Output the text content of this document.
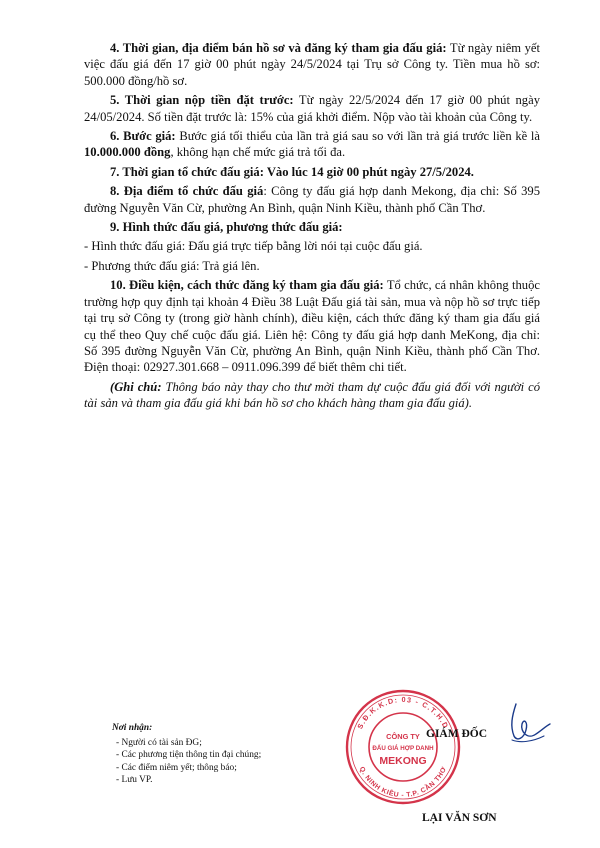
4. Thời gian, địa điểm bán hồ sơ và đăng ký tham gia đấu giá: Từ ngày niêm yết việc đấu giá đến 17 giờ 00 phút ngày 24/5/2024 tại Trụ sở Công ty. Tiền mua hồ sơ: 500.000 đồng/hồ sơ.

5. Thời gian nộp tiền đặt trước: Từ ngày 22/5/2024 đến 17 giờ 00 phút ngày 24/05/2024. Số tiền đặt trước là: 15% của giá khởi điểm. Nộp vào tài khoản của Công ty.

6. Bước giá: Bước giá tối thiểu của lần trả giá sau so với lần trả giá trước liền kề là 10.000.000 đồng, không hạn chế mức giá trả tối đa.

7. Thời gian tổ chức đấu giá: Vào lúc 14 giờ 00 phút ngày 27/5/2024.

8. Địa điểm tổ chức đấu giá: Công ty đấu giá hợp danh Mekong, địa chỉ: Số 395 đường Nguyễn Văn Cừ, phường An Bình, quận Ninh Kiều, thành phố Cần Thơ.

9. Hình thức đấu giá, phương thức đấu giá:

- Hình thức đấu giá: Đấu giá trực tiếp bằng lời nói tại cuộc đấu giá.

- Phương thức đấu giá: Trả giá lên.

10. Điều kiện, cách thức đăng ký tham gia đấu giá: Tổ chức, cá nhân không thuộc trường hợp quy định tại khoản 4 Điều 38 Luật Đấu giá tài sản, mua và nộp hồ sơ trực tiếp tại trụ sở Công ty (trong giờ hành chính), điều kiện, cách thức đăng ký tham gia đấu giá cụ thể theo Quy chế cuộc đấu giá. Liên hệ: Công ty đấu giá hợp danh MeKong, địa chỉ: Số 395 đường Nguyễn Văn Cừ, phường An Bình, quận Ninh Kiều, thành phố Cần Thơ. Điện thoại: 02927.301.668 – 0911.096.399 để biết thêm chi tiết.

(Ghi chú: Thông báo này thay cho thư mời tham dự cuộc đấu giá đối với người có tài sản và tham gia đấu giá khi bán hồ sơ cho khách hàng tham gia đấu giá).

Nơi nhận:
- Người có tài sản ĐG;
- Các phương tiện thông tin đại chúng;
- Các điểm niêm yết; thông báo;
- Lưu VP.
S.Đ.K.K.D: 03 - C.T.H.D
Q. NINH KIỀU - T.P. CẦN THƠ
CÔNG TY
ĐẤU GIÁ HỢP DANH
MEKONG
GIÁM ĐỐC
LẠI VĂN SƠN
